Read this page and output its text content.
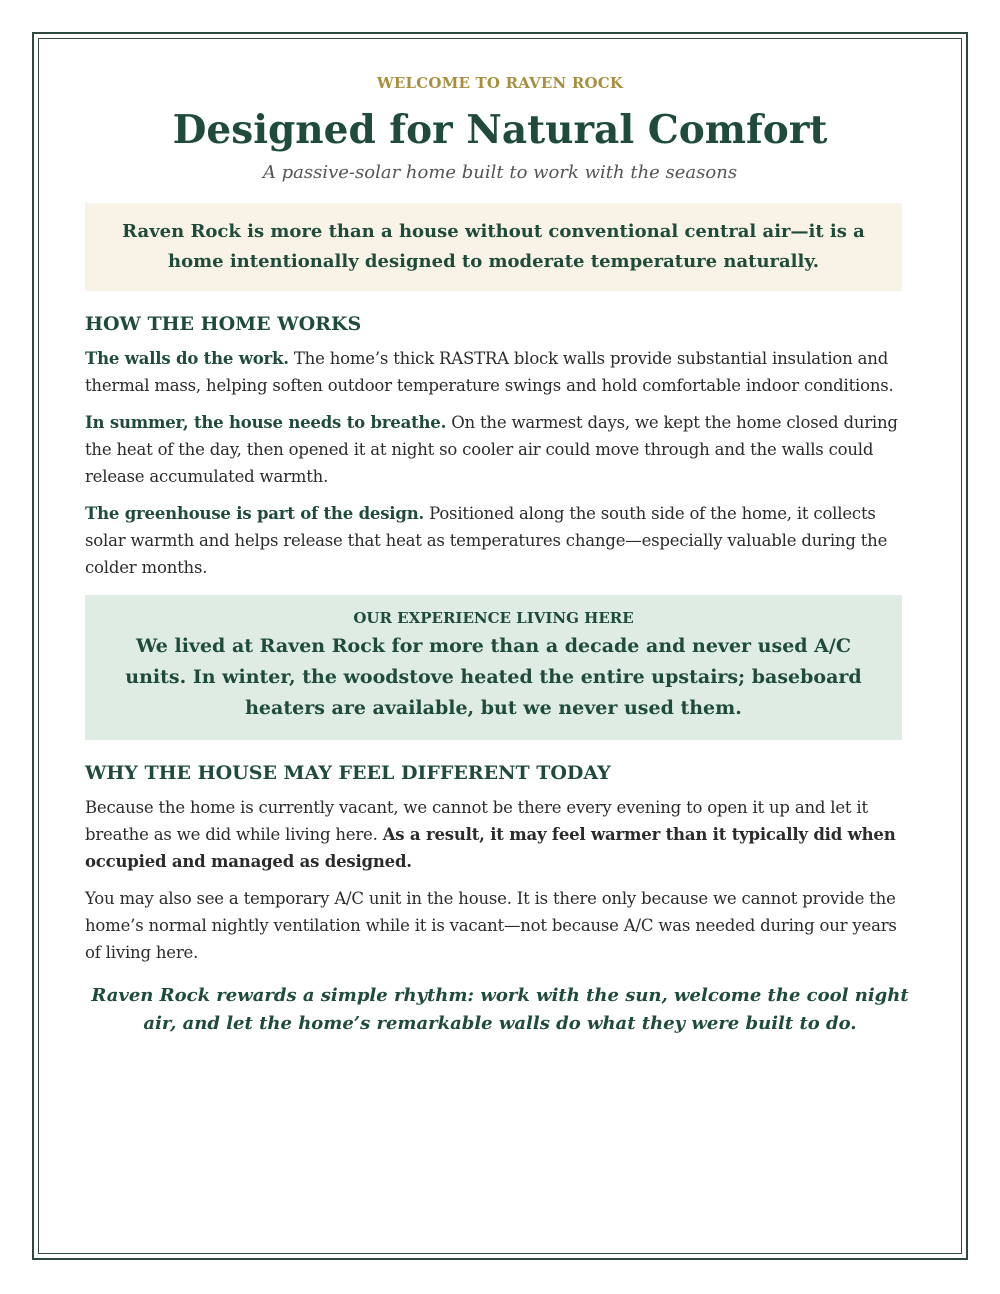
WELCOME TO RAVEN ROCK

Designed for Natural Comfort

A passive-solar home built to work with the seasons

Raven Rock is more than a house without conventional central air—it is a home intentionally designed to moderate temperature naturally.
HOW THE HOME WORKS

The walls do the work. The home’s thick RASTRA block walls provide substantial insulation and thermal mass, helping soften outdoor temperature swings and hold comfortable indoor conditions.

In summer, the house needs to breathe. On the warmest days, we kept the home closed during the heat of the day, then opened it at night so cooler air could move through and the walls could release accumulated warmth.

The greenhouse is part of the design. Positioned along the south side of the home, it collects solar warmth and helps release that heat as temperatures change—especially valuable during the colder months.

OUR EXPERIENCE LIVING HERE

We lived at Raven Rock for more than a decade and never used A/C units. In winter, the woodstove heated the entire upstairs; baseboard heaters are available, but we never used them.

WHY THE HOUSE MAY FEEL DIFFERENT TODAY

Because the home is currently vacant, we cannot be there every evening to open it up and let it breathe as we did while living here. As a result, it may feel warmer than it typically did when occupied and managed as designed.

You may also see a temporary A/C unit in the house. It is there only because we cannot provide the home’s normal nightly ventilation while it is vacant—not because A/C was needed during our years of living here.

Raven Rock rewards a simple rhythm: work with the sun, welcome the cool night air, and let the home’s remarkable walls do what they were built to do.
